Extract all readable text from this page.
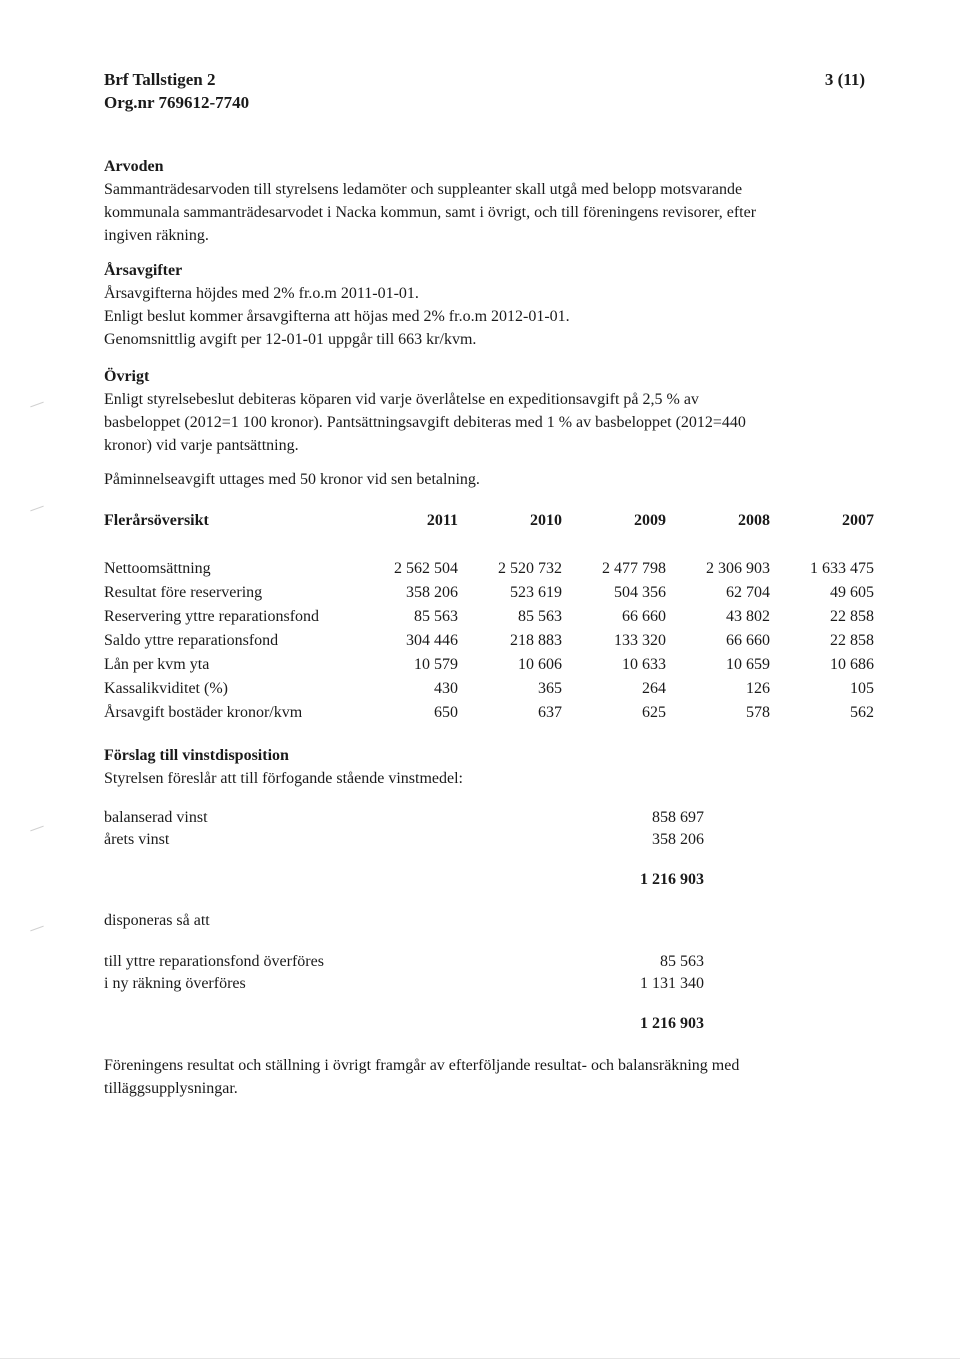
Brf Tallstigen 2
Org.nr 769612-7740
3 (11)
Arvoden

Sammanträdesarvoden till styrelsens ledamöter och suppleanter skall utgå med belopp motsvarande

kommunala sammanträdesarvodet i Nacka kommun, samt i övrigt, och till föreningens revisorer, efter

ingiven räkning.

Årsavgifter

Årsavgifterna höjdes med 2% fr.o.m 2011-01-01.

Enligt beslut kommer årsavgifterna att höjas med 2% fr.o.m 2012-01-01.

Genomsnittlig avgift per 12-01-01 uppgår till 663 kr/kvm.

Övrigt

Enligt styrelsebeslut debiteras köparen vid varje överlåtelse en expeditionsavgift på 2,5 % av

basbeloppet (2012=1 100 kronor). Pantsättningsavgift debiteras med 1 % av basbeloppet (2012=440

kronor) vid varje pantsättning.

Påminnelseavgift uttages med 50 kronor vid sen betalning.

Flerårsöversikt	2011	2010	2009	2008	2007
Nettoomsättning	2 562 504	2 520 732	2 477 798	2 306 903	1 633 475
Resultat före reservering	358 206	523 619	504 356	62 704	49 605
Reservering yttre reparationsfond	85 563	85 563	66 660	43 802	22 858
Saldo yttre reparationsfond	304 446	218 883	133 320	66 660	22 858
Lån per kvm yta	10 579	10 606	10 633	10 659	10 686
Kassalikviditet (%)	430	365	264	126	105
Årsavgift bostäder kronor/kvm	650	637	625	578	562
Förslag till vinstdisposition

Styrelsen föreslår att till förfogande stående vinstmedel:

balanserad vinst	858 697
årets vinst	358 206
1 216 903
disponeras så att
till yttre reparationsfond överföres	85 563
i ny räkning överföres	1 131 340
1 216 903

Föreningens resultat och ställning i övrigt framgår av efterföljande resultat- och balansräkning med

tilläggsupplysningar.
